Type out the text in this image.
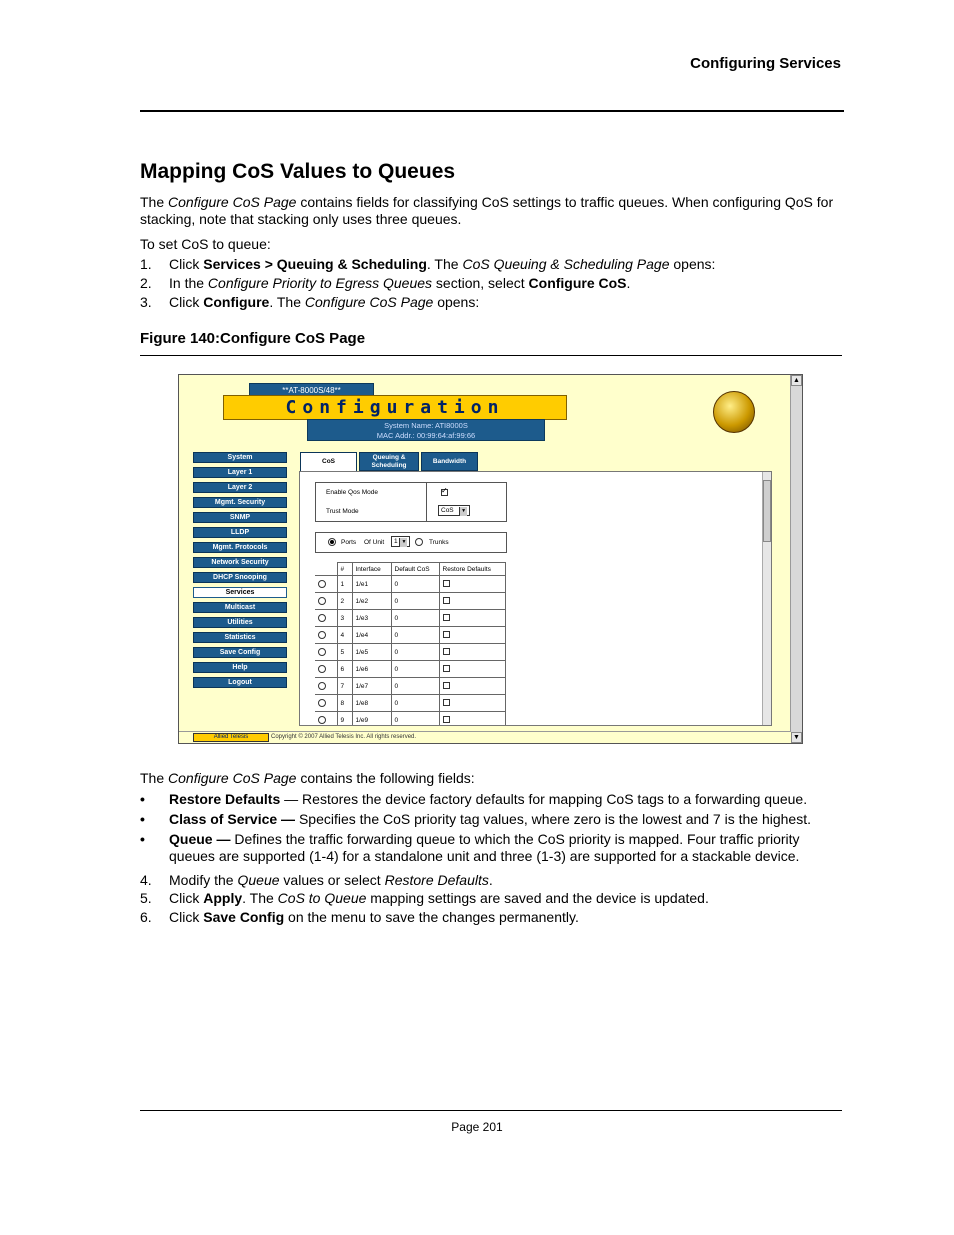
Configuring Services
Mapping CoS Values to Queues
The Configure CoS Page contains fields for classifying CoS settings to traffic queues. When configuring QoS for
stacking, note that stacking only uses three queues.
To set CoS to queue:
1. Click Services > Queuing & Scheduling. The CoS Queuing & Scheduling Page opens:
2. In the Configure Priority to Egress Queues section, select Configure CoS.
3. Click Configure. The Configure CoS Page opens:
Figure 140:Configure CoS Page
**AT-8000S/48**
Configuration
System Name: ATI8000S
MAC Addr.: 00:99:64:af:99:66
System
Layer 1
Layer 2
Mgmt. Security
SNMP
LLDP
Mgmt. Protocols
Network Security
DHCP Snooping
Services
Multicast
Utilities
Statistics
Save Config
Help
Logout
CoS
Queuing &
Scheduling
Bandwidth
Enable Qos Mode
✓
Trust Mode	CoS ▼
Ports Of Unit	1 ▼	Trunks
	#	Interface	Default CoS	Restore Defaults
	1	1/e1	0	
	2	1/e2	0	
	3	1/e3	0	
	4	1/e4	0	
	5	1/e5	0	
	6	1/e6	0	
	7	1/e7	0	
	8	1/e8	0	
	9	1/e9	0	
▲
▼
Allied Telesis	Copyright © 2007 Allied Telesis Inc. All rights reserved.
The Configure CoS Page contains the following fields:
• Restore Defaults — Restores the device factory defaults for mapping CoS tags to a forwarding queue.
• Class of Service — Specifies the CoS priority tag values, where zero is the lowest and 7 is the highest.
• Queue — Defines the traffic forwarding queue to which the CoS priority is mapped. Four traffic priority queues are supported (1-4) for a standalone unit and three (1-3) are supported for a stackable device.
4. Modify the Queue values or select Restore Defaults.
5. Click Apply. The CoS to Queue mapping settings are saved and the device is updated.
6. Click Save Config on the menu to save the changes permanently.
Page 201
